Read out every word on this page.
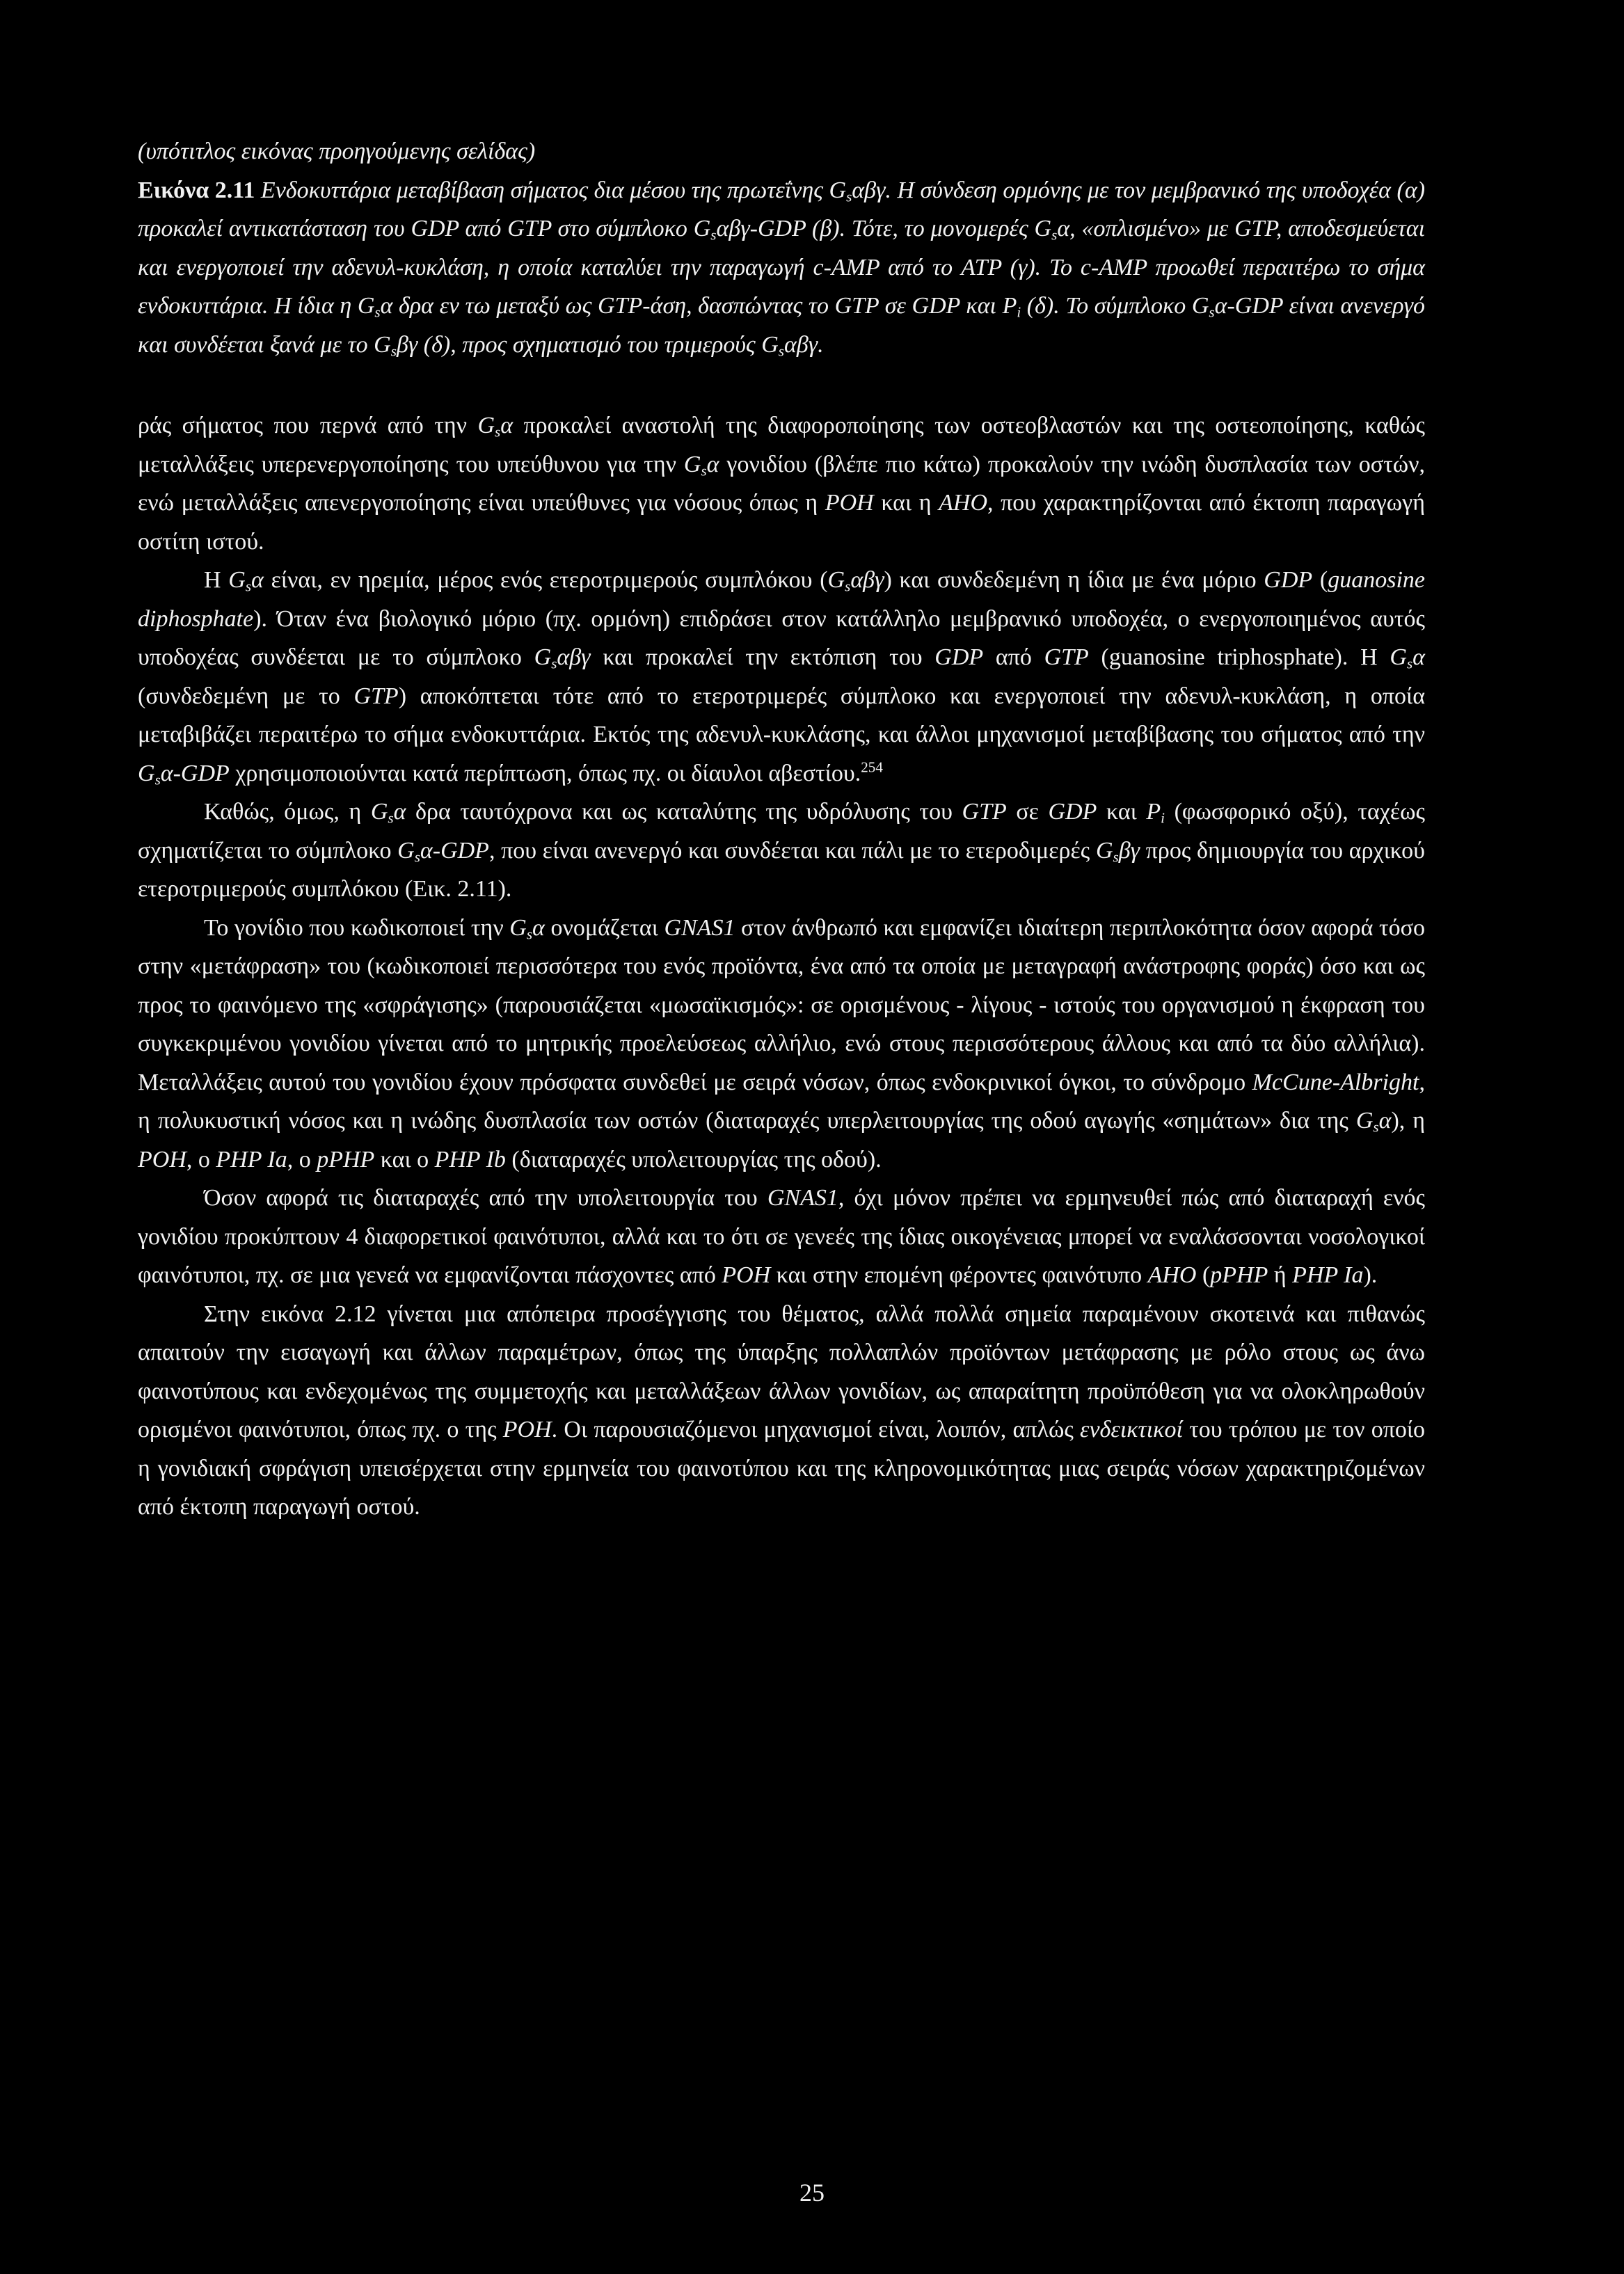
(υπότιτλος εικόνας προηγούμενης σελίδας)

Εικόνα 2.11 Ενδοκυττάρια μεταβίβαση σήματος δια μέσου της πρωτεΐνης $G_s\alpha\beta\gamma$. Η σύνδεση ορμόνης με τον μεμβρανικό της υποδοχέα (α) προκαλεί αντικατάσταση του GDP από GTP στο σύμπλοκο $G_s\alpha\beta\gamma$-GDP (β). Τότε, το μονομερές $G_s\alpha$, «οπλισμένο» με GTP, αποδεσμεύεται και ενεργοποιεί την αδενυλ-κυκλάση, η οποία καταλύει την παραγωγή c-AMP από το ATP (γ). Το c-AMP προωθεί περαιτέρω το σήμα ενδοκυττάρια. Η ίδια η $G_s\alpha$ δρα εν τω μεταξύ ως GTP-άση, δασπώντας το GTP σε GDP και $P_i$ (δ). Το σύμπλοκο $G_s\alpha$-GDP είναι ανενεργό και συνδέεται ξανά με το $G_s\beta\gamma$ (δ), προς σχηματισμό του τριμερούς $G_s\alpha\beta\gamma$.

ράς σήματος που περνά από την $G_s\alpha$ προκαλεί αναστολή της διαφοροποίησης των οστεοβλαστών και της οστεοποίησης, καθώς μεταλλάξεις υπερενεργοποίησης του υπεύθυνου για την $G_s\alpha$ γονιδίου (βλέπε πιο κάτω) προκαλούν την ινώδη δυσπλασία των οστών, ενώ μεταλλάξεις απενεργοποίησης είναι υπεύθυνες για νόσους όπως η POH και η AHO, που χαρακτηρίζονται από έκτοπη παραγωγή οστίτη ιστού.

Η $G_s\alpha$ είναι, εν ηρεμία, μέρος ενός ετεροτριμερούς συμπλόκου $(G_s\alpha\beta\gamma)$ και συνδεδεμένη η ίδια με ένα μόριο GDP (guanosine diphosphate). Όταν ένα βιολογικό μόριο (πχ. ορμόνη) επιδράσει στον κατάλληλο μεμβρανικό υποδοχέα, ο ενεργοποιημένος αυτός υποδοχέας συνδέεται με το σύμπλοκο $G_s\alpha\beta\gamma$ και προκαλεί την εκτόπιση του GDP από GTP (guanosine triphosphate). Η $G_s\alpha$ (συνδεδεμένη με το GTP) αποκόπτεται τότε από το ετεροτριμερές σύμπλοκο και ενεργοποιεί την αδενυλ-κυκλάση, η οποία μεταβιβάζει περαιτέρω το σήμα ενδοκυττάρια. Εκτός της αδενυλ-κυκλάσης, και άλλοι μηχανισμοί μεταβίβασης του σήματος από την $G_s\alpha$-GDP χρησιμοποιούνται κατά περίπτωση, όπως πχ. οι δίαυλοι αβεστίου.$^{254}$

Καθώς, όμως, η $G_s\alpha$ δρα ταυτόχρονα και ως καταλύτης της υδρόλυσης του GTP σε GDP και $P_i$ (φωσφορικό οξύ), ταχέως σχηματίζεται το σύμπλοκο $G_s\alpha$-GDP, που είναι ανενεργό και συνδέεται και πάλι με το ετεροδιμερές $G_s\beta\gamma$ προς δημιουργία του αρχικού ετεροτριμερούς συμπλόκου (Εικ. 2.11).

Το γονίδιο που κωδικοποιεί την $G_s\alpha$ ονομάζεται GNAS1 στον άνθρωπό και εμφανίζει ιδιαίτερη περιπλοκότητα όσον αφορά τόσο στην «μετάφραση» του (κωδικοποιεί περισσότερα του ενός προϊόντα, ένα από τα οποία με μεταγραφή ανάστροφης φοράς) όσο και ως προς το φαινόμενο της «σφράγισης» (παρουσιάζεται «μωσαϊκισμός»: σε ορισμένους - λίγους - ιστούς του οργανισμού η έκφραση του συγκεκριμένου γονιδίου γίνεται από το μητρικής προελεύσεως αλλήλιο, ενώ στους περισσότερους άλλους και από τα δύο αλλήλια). Μεταλλάξεις αυτού του γονιδίου έχουν πρόσφατα συνδεθεί με σειρά νόσων, όπως ενδοκρινικοί όγκοι, το σύνδρομο McCune-Albright, η πολυκυστική νόσος και η ινώδης δυσπλασία των οστών (διαταραχές υπερλειτουργίας της οδού αγωγής «σημάτων» δια της $G_s\alpha$), η POH, ο PHP Ia, ο pPHP και ο PHP Ib (διαταραχές υπολειτουργίας της οδού).

Όσον αφορά τις διαταραχές από την υπολειτουργία του GNAS1, όχι μόνον πρέπει να ερμηνευθεί πώς από διαταραχή ενός γονιδίου προκύπτουν 4 διαφορετικοί φαινότυποι, αλλά και το ότι σε γενεές της ίδιας οικογένειας μπορεί να εναλάσσονται νοσολογικοί φαινότυποι, πχ. σε μια γενεά να εμφανίζονται πάσχοντες από POH και στην επομένη φέροντες φαινότυπο AHO (pPHP ή PHP Ia).

Στην εικόνα 2.12 γίνεται μια απόπειρα προσέγγισης του θέματος, αλλά πολλά σημεία παραμένουν σκοτεινά και πιθανώς απαιτούν την εισαγωγή και άλλων παραμέτρων, όπως της ύπαρξης πολλαπλών προϊόντων μετάφρασης με ρόλο στους ως άνω φαινοτύπους και ενδεχομένως της συμμετοχής και μεταλλάξεων άλλων γονιδίων, ως απαραίτητη προϋπόθεση για να ολοκληρωθούν ορισμένοι φαινότυποι, όπως πχ. ο της POH. Οι παρουσιαζόμενοι μηχανισμοί είναι, λοιπόν, απλώς ενδεικτικοί του τρόπου με τον οποίο η γονιδιακή σφράγιση υπεισέρχεται στην ερμηνεία του φαινοτύπου και της κληρονομικότητας μιας σειράς νόσων χαρακτηριζομένων από έκτοπη παραγωγή οστού.

25
